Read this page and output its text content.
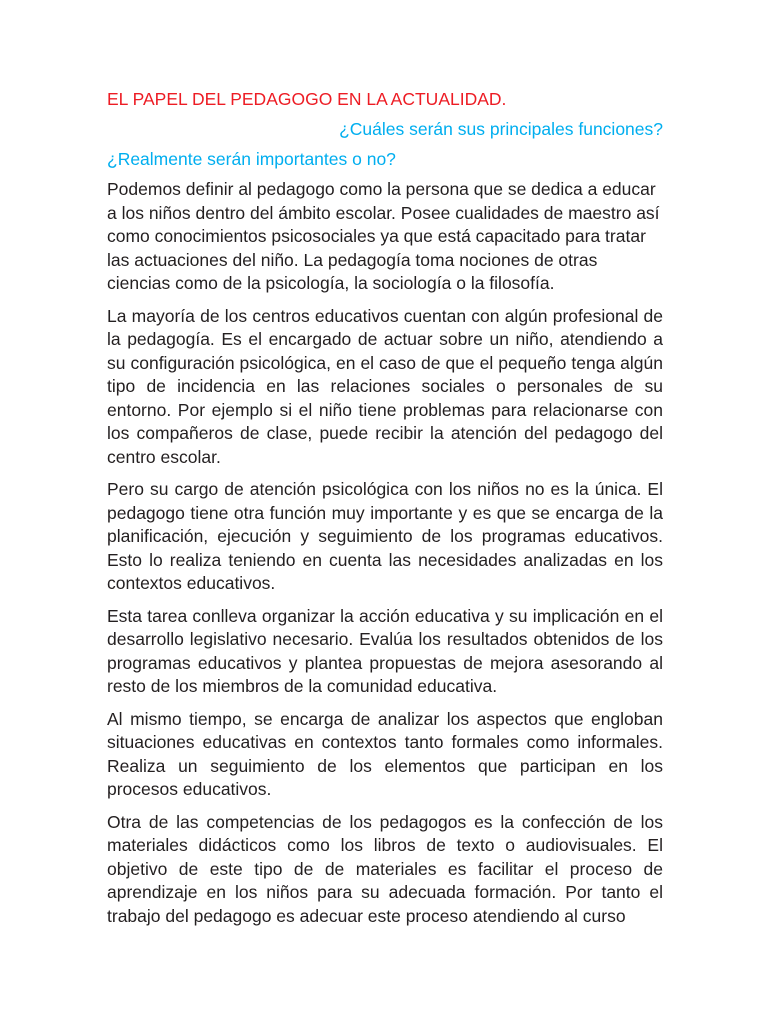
EL PAPEL DEL PEDAGOGO EN LA ACTUALIDAD.
¿Cuáles serán sus principales funciones?
¿Realmente serán importantes o no?

Podemos definir al pedagogo como la persona que se dedica a educar a los niños dentro del ámbito escolar. Posee cualidades de maestro así como conocimientos psicosociales ya que está capacitado para tratar las actuaciones del niño. La pedagogía toma nociones de otras ciencias como de la psicología, la sociología o la filosofía.

La mayoría de los centros educativos cuentan con algún profesional de la pedagogía. Es el encargado de actuar sobre un niño, atendiendo a su configuración psicológica, en el caso de que el pequeño tenga algún tipo de incidencia en las relaciones sociales o personales de su entorno. Por ejemplo si el niño tiene problemas para relacionarse con los compañeros de clase, puede recibir la atención del pedagogo del centro escolar.

Pero su cargo de atención psicológica con los niños no es la única. El pedagogo tiene otra función muy importante y es que se encarga de la planificación, ejecución y seguimiento de los programas educativos. Esto lo realiza teniendo en cuenta las necesidades analizadas en los contextos educativos.

Esta tarea conlleva organizar la acción educativa y su implicación en el desarrollo legislativo necesario. Evalúa los resultados obtenidos de los programas educativos y plantea propuestas de mejora asesorando al resto de los miembros de la comunidad educativa.

Al mismo tiempo, se encarga de analizar los aspectos que engloban situaciones educativas en contextos tanto formales como informales. Realiza un seguimiento de los elementos que participan en los procesos educativos.

Otra de las competencias de los pedagogos es la confección de los materiales didácticos como los libros de texto o audiovisuales. El objetivo de este tipo de de materiales es facilitar el proceso de aprendizaje en los niños para su adecuada formación. Por tanto el trabajo del pedagogo es adecuar este proceso atendiendo al curso
